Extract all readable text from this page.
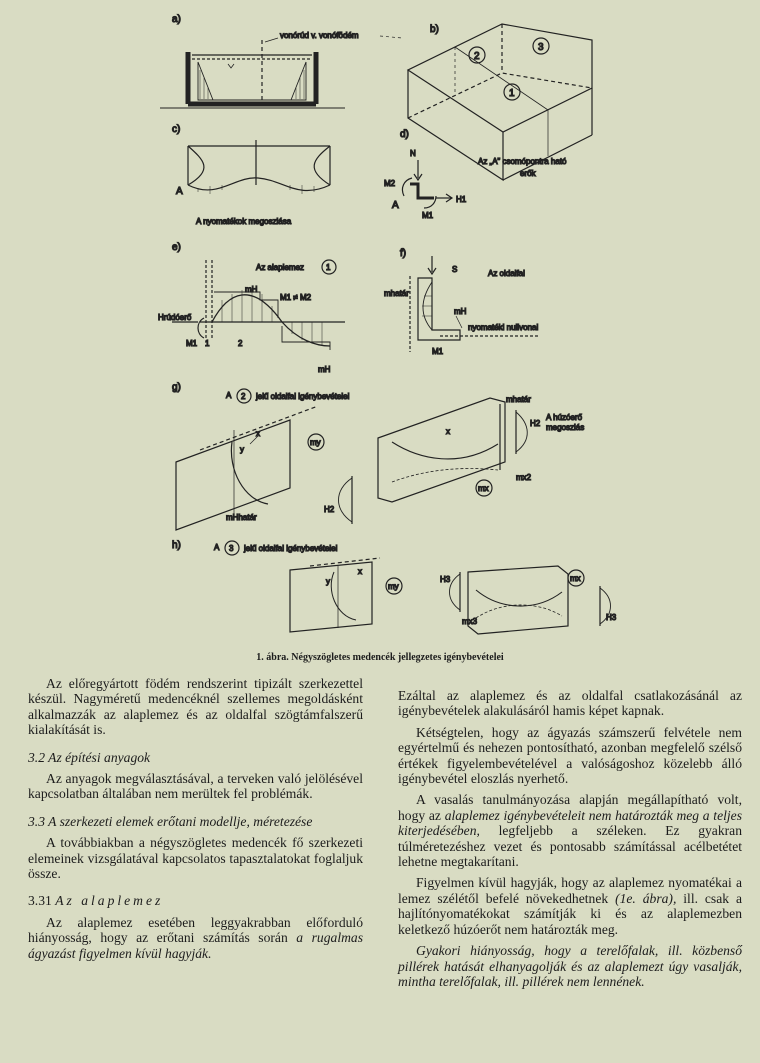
a)
vonórúd v. vonófödém
b)
2
3
1
c)
A
A nyomatékok megoszlása
d)
N
M2
A
M1
H1
Az „A” csomópontra ható
erők
e)
Az alaplemez	1
mH
M1 ≠ M2
Hrúdóerő
M1 1	2
mH
f)
S	Az oldalfal
mhatár
mH
nyomatéki nullvonal
M1
g)
A 2 jelű oldalfal igénybevételei
x
y
my
mHhatár
H2
x
mhatár
A húzóerő
megoszlás
H2
mx2
mx
h)	A 3 jelű oldalfal igénybevételei
x
y
my
H3	mx
mx3	H3
1. ábra. Négyszögletes medencék jellegzetes igénybevételei

Az előregyártott födém rendszerint tipizált szerkezettel készül. Nagyméretű medencéknél szellemes megoldásként alkalmazzák az alaplemez és az oldalfal szögtámfalszerű kialakítását is.

3.2 Az építési anyagok

Az anyagok megválasztásával, a terveken való jelölésével kapcsolatban általában nem merültek fel problémák.

3.3 A szerkezeti elemek erőtani modellje, méretezése

A továbbiakban a négyszögletes medencék fő szerkezeti elemeinek vizsgálatával kapcsolatos tapasztalatokat foglaljuk össze.

3.31 Az alaplemez

Az alaplemez esetében leggyakrabban előforduló hiányosság, hogy az erőtani számítás során a rugalmas ágyazást figyelmen kívül hagyják.

Ezáltal az alaplemez és az oldalfal csatlakozásánál az igénybevételek alakulásáról hamis képet kapnak.

Kétségtelen, hogy az ágyazás számszerű felvétele nem egyértelmű és nehezen pontosítható, azonban megfelelő szélső értékek figyelembevételével a valóságoshoz közelebb álló igénybevétel eloszlás nyerhető.

A vasalás tanulmányozása alapján megállapítható volt, hogy az alaplemez igénybevételeit nem határozták meg a teljes kiterjedésében, legfeljebb a széleken. Ez gyakran túlméretezéshez vezet és pontosabb számítással acélbetétet lehetne megtakarítani.

Figyelmen kívül hagyják, hogy az alaplemez nyomatékai a lemez szélétől befelé növekedhetnek (1e. ábra), ill. csak a hajlítónyomatékokat számítják ki és az alaplemezben keletkező húzóerőt nem határozták meg.

Gyakori hiányosság, hogy a terelőfalak, ill. közbenső pillérek hatását elhanyagolják és az alaplemezt úgy vasalják, mintha terelőfalak, ill. pillérek nem lennének.
